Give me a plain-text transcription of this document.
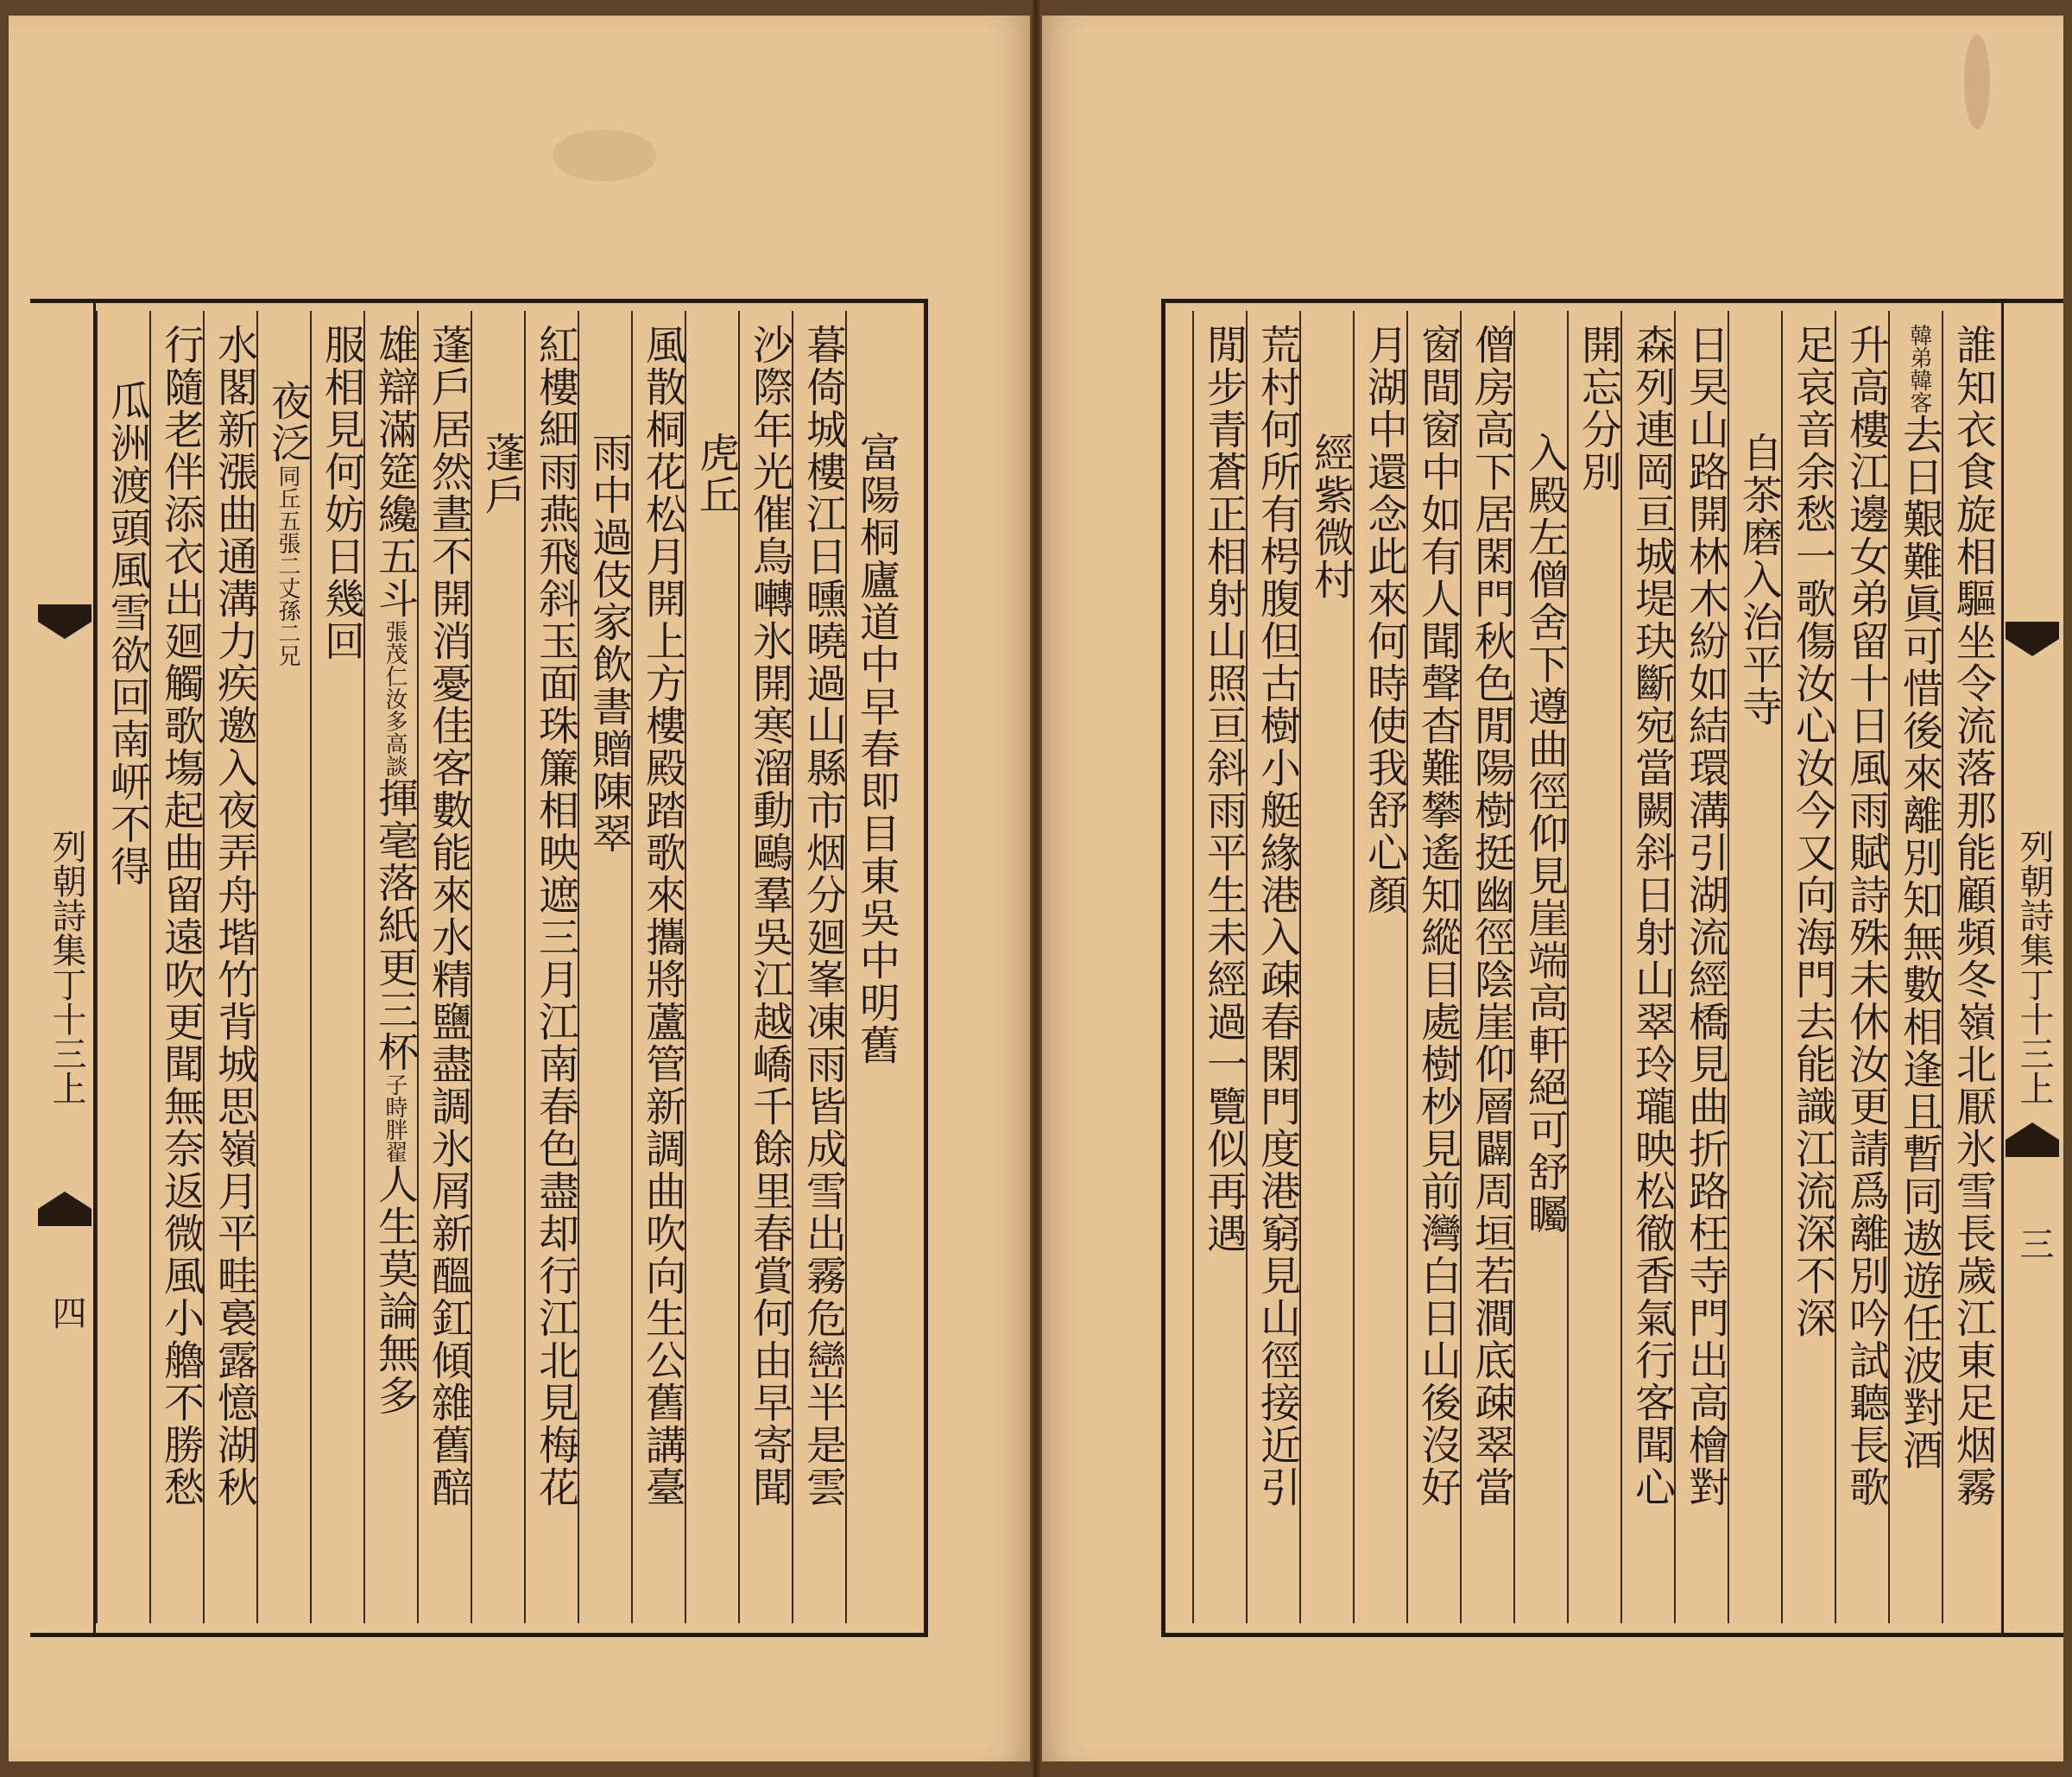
列朝詩集丁十三上
四
列朝詩集丁十三上
三
富陽桐廬道中早春即目東吳中明舊
暮倚城樓江日曛曉過山縣市烟分廻峯凍雨皆成雪出霧危巒半是雲
沙際年光催鳥囀氷開寒溜動鷗羣吳江越嶠千餘里春賞何由早寄聞
虎丘
風散桐花松月開上方樓殿踏歌來攜將蘆管新調曲吹向生公舊講臺
雨中過伎家飲書贈陳翠
紅樓細雨燕飛斜玉面珠簾相映遮三月江南春色盡却行江北見梅花
蓬戶
蓬戶居然晝不開消憂佳客數能來水精鹽盡調氷屑新醞釭傾雜舊醅
雄辯滿筵纔五斗張茂仁汝多高談揮毫落紙更三杯子時胖翟人生莫論無多
服相見何妨日幾回
夜泛同丘五張二丈孫二兄
水閣新漲曲通溝力疾邀入夜弄舟堦竹背城思嶺月平畦裛露憶湖秋
行隨老伴添衣出廻觸歌塲起曲留遠吹更聞無奈返微風小艪不勝愁
瓜洲渡頭風雪欲回南岍不得	誰知衣食旋相驅坐令流落那能顧頻冬嶺北厭氷雪長歲江東足烟霧
韓弟韓客去日艱難眞可惜後來離別知無數相逢且暫同遨遊任波對酒
升高樓江邊女弟留十日風雨賦詩殊未休汝更請爲離別吟試聽長歌
足哀音余愁一歌傷汝心汝今又向海門去能識江流深不深
自茶磨入治平寺
日旲山路開林木紛如結環溝引湖流經橋見曲折路枉寺門出高檜對
森列連岡亘城堤玦斷宛當闕斜日射山翠玲瓏映松徹香氣行客聞心
開忘分別
入殿左僧舍下遵曲徑仰見崖端高軒絕可舒矚
僧房高下居閑門秋色閒陽樹挺幽徑陰崖仰層闢周垣若澗底疎翠當
窗間窗中如有人聞聲杳難攀遙知縱目處樹杪見前灣白日山後沒好
月湖中還念此來何時使我舒心顏
經紫微村
荒村何所有枵腹但古樹小艇緣港入疎春閑門度港窮見山徑接近引
閒步青蒼正相射山照亘斜雨平生未經過一覽似再遇
